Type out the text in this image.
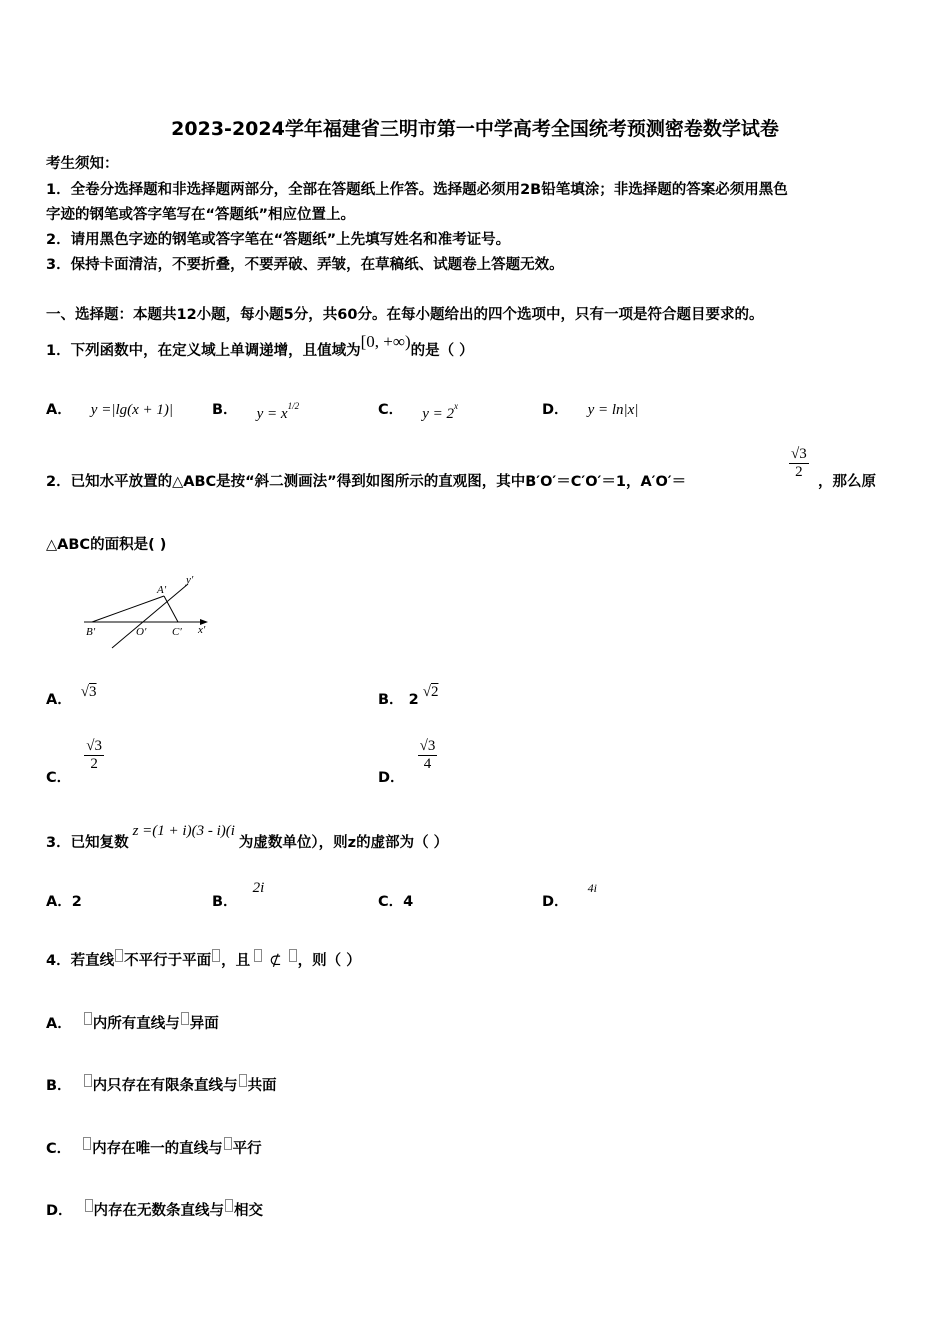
2023-2024学年福建省三明市第一中学高考全国统考预测密卷数学试卷
考生须知：
1．全卷分选择题和非选择题两部分，全部在答题纸上作答。选择题必须用2B铅笔填涂；非选择题的答案必须用黑色
字迹的钢笔或答字笔写在“答题纸”相应位置上。
2．请用黑色字迹的钢笔或答字笔在“答题纸”上先填写姓名和准考证号。
3．保持卡面清洁，不要折叠，不要弄破、弄皱，在草稿纸、试题卷上答题无效。
一、选择题：本题共12小题，每小题5分，共60分。在每小题给出的四个选项中，只有一项是符合题目要求的。
1．下列函数中，在定义域上单调递增，且值域为[0, +∞)的是（ ）
A． y =|lg(x + 1)|	B． $y = x^{1/2}$	C． $y = 2^x$	D． y = ln|x|
2．已知水平放置的△ABC是按“斜二测画法”得到如图所示的直观图，其中B′O′＝C′O′＝1，A′O′＝
$\frac{√3}{2}$
，那么原
△ABC的面积是( )
A′
y′
B′	O′ C′ x′
A． √3	B． 2 √2
C．
$\frac{√3}{2}$
D．
$\frac{√3}{4}$
3．已知复数z =(1 + i)(3 - i)(i为虚数单位），则z的虚部为（ ）
A．2	B． 2i
C．4	D． $^{4i}$
4．若直线 不平行于平面 ，且 ⊄ ，则（ ）
A． 内所有直线与 异面
B． 内只存在有限条直线与 共面
C． 内存在唯一的直线与 平行
D． 内存在无数条直线与 相交
